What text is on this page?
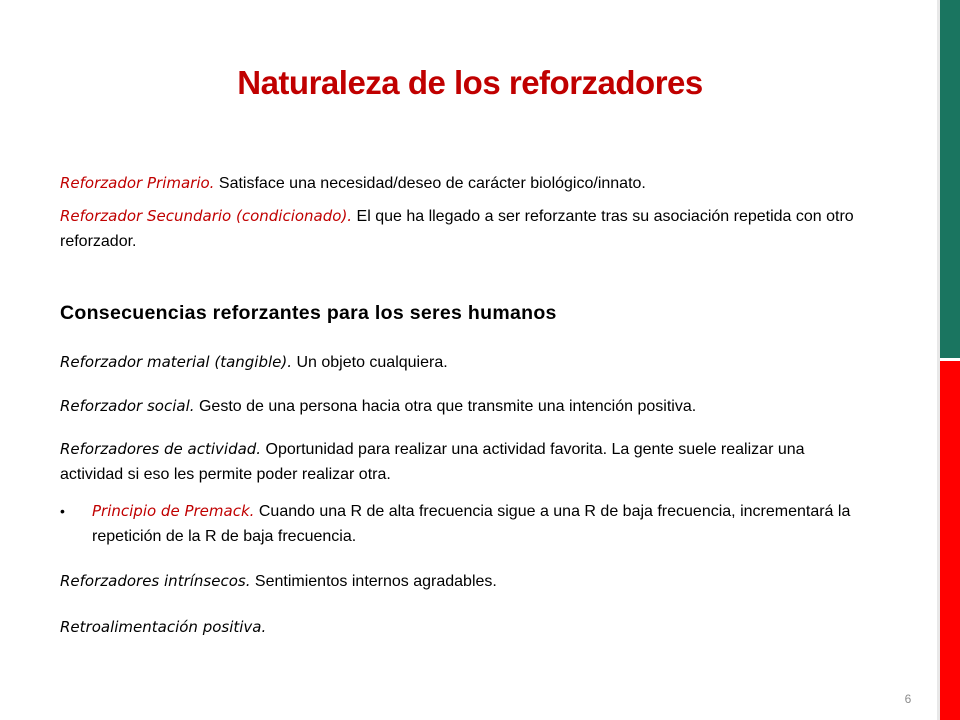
Naturaleza de los reforzadores

Reforzador Primario. Satisface una necesidad/deseo de carácter biológico/innato.

Reforzador Secundario (condicionado). El que ha llegado a ser reforzante tras su asociación repetida con otro reforzador.

Consecuencias reforzantes para los seres humanos

Reforzador material (tangible). Un objeto cualquiera.

Reforzador social. Gesto de una persona hacia otra que transmite una intención positiva.

Reforzadores de actividad. Oportunidad para realizar una actividad favorita. La gente suele realizar una actividad si eso les permite poder realizar otra.

• Principio de Premack. Cuando una R de alta frecuencia sigue a una R de baja frecuencia, incrementará la repetición de la R de baja frecuencia.

Reforzadores intrínsecos. Sentimientos internos agradables.

Retroalimentación positiva.

6
